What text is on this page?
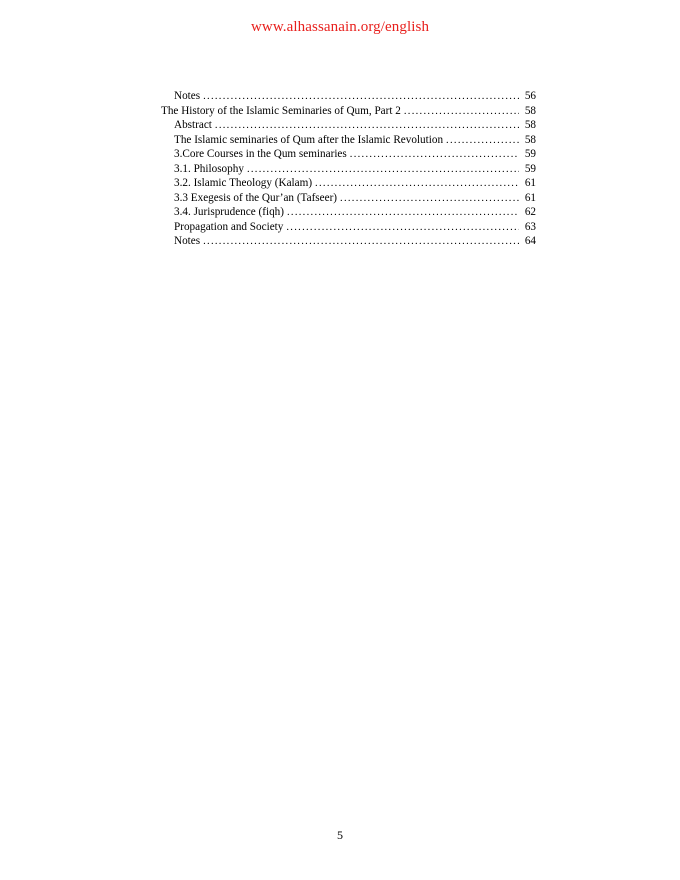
www.alhassanain.org/english
Notes .....	56
The History of the Islamic Seminaries of Qum, Part 2 .....	58
Abstract .....	58
The Islamic seminaries of Qum after the Islamic Revolution .....	58
3.Core Courses in the Qum seminaries .....	59
3.1. Philosophy .....	59
3.2. Islamic Theology (Kalam) .....	61
3.3 Exegesis of the Qur’an (Tafseer) .....	61
3.4. Jurisprudence (fiqh) .....	62
Propagation and Society .....	63
Notes .....	64
5
